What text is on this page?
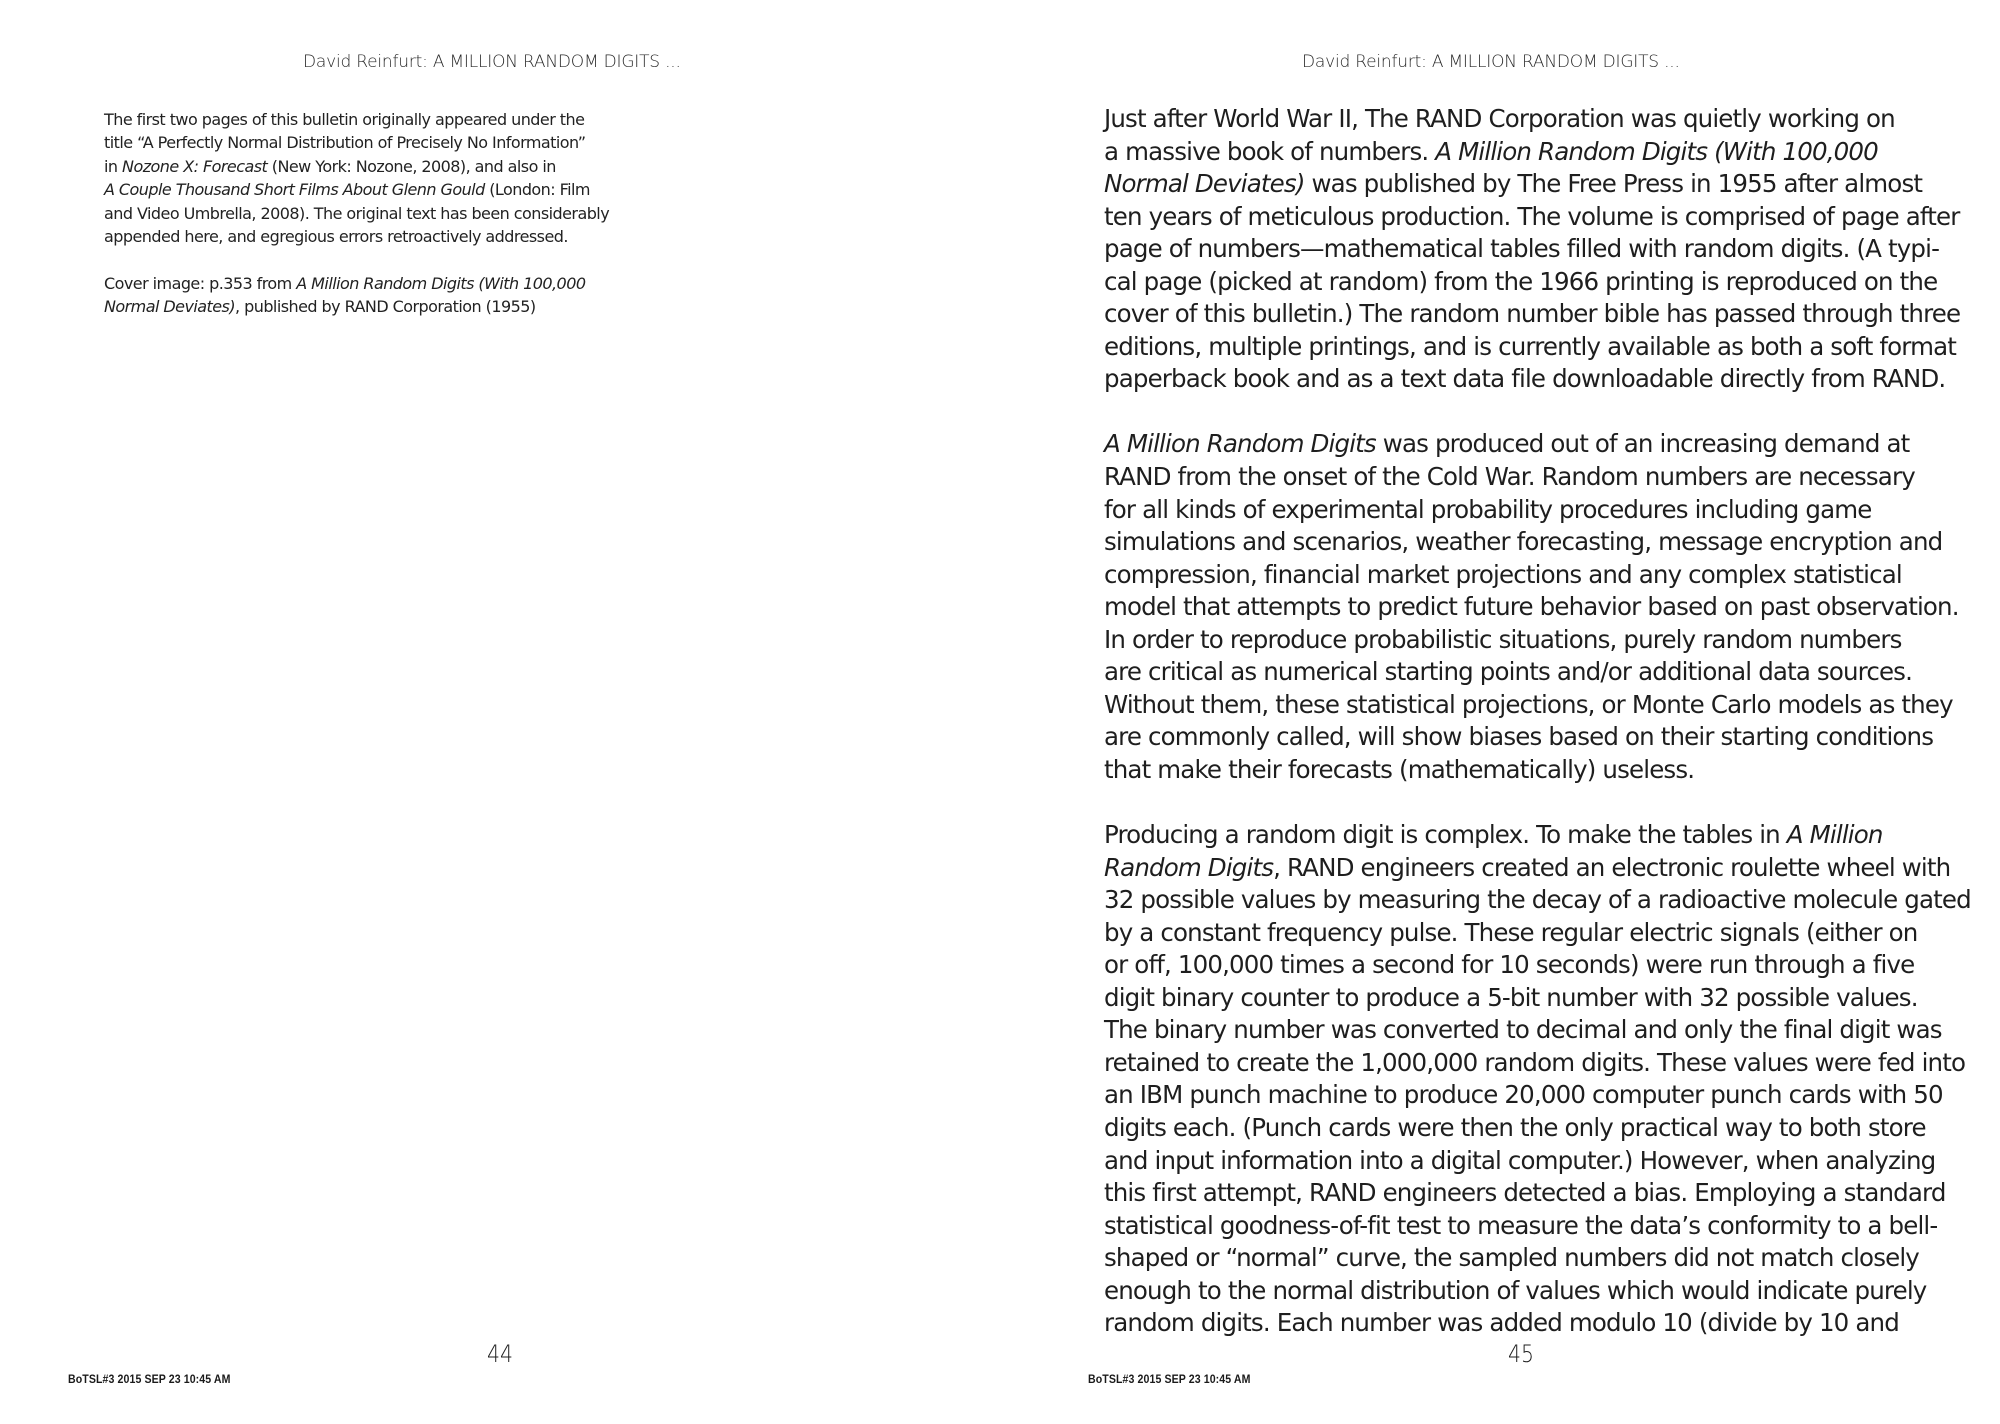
David Reinfurt: A MILLION RANDOM DIGITS ...

The first two pages of this bulletin originally appeared under the
title “A Perfectly Normal Distribution of Precisely No Information”
in Nozone X: Forecast (New York: Nozone, 2008), and also in
A Couple Thousand Short Films About Glenn Gould (London: Film
and Video Umbrella, 2008). The original text has been considerably
appended here, and egregious errors retroactively addressed.

Cover image: p.353 from A Million Random Digits (With 100,000
Normal Deviates), published by RAND Corporation (1955)

BoTSL#3 2015 SEP 23 10:45 AM
44
David Reinfurt: A MILLION RANDOM DIGITS ...

Just after World War II, The RAND Corporation was quietly working on
a massive book of numbers. A Million Random Digits (With 100,000
Normal Deviates) was published by The Free Press in 1955 after almost
ten years of meticulous production. The volume is comprised of page after
page of numbers—mathematical tables filled with random digits. (A typi-
cal page (picked at random) from the 1966 printing is reproduced on the
cover of this bulletin.) The random number bible has passed through three
editions, multiple printings, and is currently available as both a soft format
paperback book and as a text data file downloadable directly from RAND.

A Million Random Digits was produced out of an increasing demand at
RAND from the onset of the Cold War. Random numbers are necessary
for all kinds of experimental probability procedures including game
simulations and scenarios, weather forecasting, message encryption and
compression, financial market projections and any complex statistical
model that attempts to predict future behavior based on past observation.
In order to reproduce probabilistic situations, purely random numbers
are critical as numerical starting points and/or additional data sources.
Without them, these statistical projections, or Monte Carlo models as they
are commonly called, will show biases based on their starting conditions
that make their forecasts (mathematically) useless.

Producing a random digit is complex. To make the tables in A Million
Random Digits, RAND engineers created an electronic roulette wheel with
32 possible values by measuring the decay of a radioactive molecule gated
by a constant frequency pulse. These regular electric signals (either on
or off, 100,000 times a second for 10 seconds) were run through a five
digit binary counter to produce a 5-bit number with 32 possible values.
The binary number was converted to decimal and only the final digit was
retained to create the 1,000,000 random digits. These values were fed into
an IBM punch machine to produce 20,000 computer punch cards with 50
digits each. (Punch cards were then the only practical way to both store
and input information into a digital computer.) However, when analyzing
this first attempt, RAND engineers detected a bias. Employing a standard
statistical goodness-of-fit test to measure the data’s conformity to a bell-
shaped or “normal” curve, the sampled numbers did not match closely
enough to the normal distribution of values which would indicate purely
random digits. Each number was added modulo 10 (divide by 10 and

BoTSL#3 2015 SEP 23 10:45 AM
45
